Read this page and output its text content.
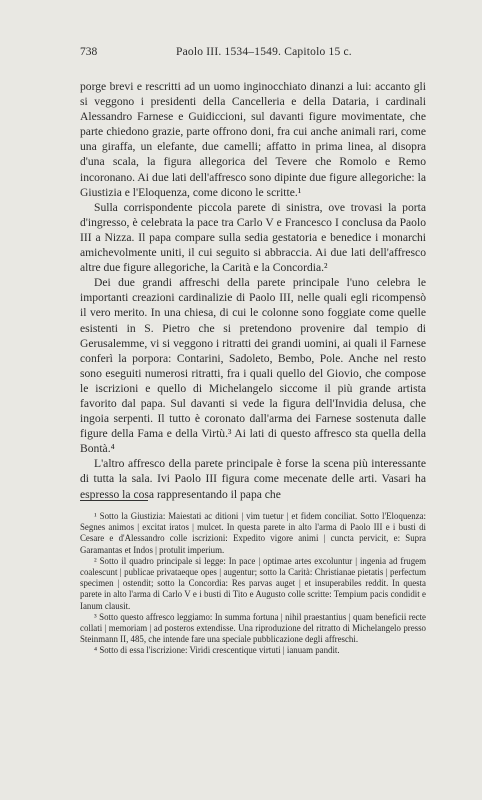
738	Paolo III. 1534–1549. Capitolo 15 c.

porge brevi e rescritti ad un uomo inginocchiato dinanzi a lui: accanto gli si veggono i presidenti della Cancelleria e della Dataria, i cardinali Alessandro Farnese e Guidiccioni, sul davanti figure movimentate, che parte chiedono grazie, parte offrono doni, fra cui anche animali rari, come una giraffa, un elefante, due camelli; affatto in prima linea, al disopra d'una scala, la figura allegorica del Tevere che Romolo e Remo incoronano. Ai due lati dell'affresco sono dipinte due figure allegoriche: la Giustizia e l'Eloquenza, come dicono le scritte.¹

Sulla corrispondente piccola parete di sinistra, ove trovasi la porta d'ingresso, è celebrata la pace tra Carlo V e Francesco I conclusa da Paolo III a Nizza. Il papa compare sulla sedia gestatoria e benedice i monarchi amichevolmente uniti, il cui seguito si abbraccia. Ai due lati dell'affresco altre due figure allegoriche, la Carità e la Concordia.²

Dei due grandi affreschi della parete principale l'uno celebra le importanti creazioni cardinalizie di Paolo III, nelle quali egli ricompensò il vero merito. In una chiesa, di cui le colonne sono foggiate come quelle esistenti in S. Pietro che si pretendono provenire dal tempio di Gerusalemme, vi si veggono i ritratti dei grandi uomini, ai quali il Farnese conferì la porpora: Contarini, Sadoleto, Bembo, Pole. Anche nel resto sono eseguiti numerosi ritratti, fra i quali quello del Giovio, che compose le iscrizioni e quello di Michelangelo siccome il più grande artista favorito dal papa. Sul davanti si vede la figura dell'Invidia delusa, che ingoia serpenti. Il tutto è coronato dall'arma dei Farnese sostenuta dalle figure della Fama e della Virtù.³ Ai lati di questo affresco sta quella della Bontà.⁴

L'altro affresco della parete principale è forse la scena più interessante di tutta la sala. Ivi Paolo III figura come mecenate delle arti. Vasari ha espresso la cosa rappresentando il papa che

¹ Sotto la Giustizia: Maiestati ac ditioni | vim tuetur | et fidem conciliat. Sotto l'Eloquenza: Segnes animos | excitat iratos | mulcet. In questa parete in alto l'arma di Paolo III e i busti di Cesare e d'Alessandro colle iscrizioni: Expedito vigore animi | cuncta pervicit, e: Supra Garamantas et Indos | protulit imperium.

² Sotto il quadro principale si legge: In pace | optimae artes excoluntur | ingenia ad frugem coalescunt | publicae privataeque opes | augentur; sotto la Carità: Christianae pietatis | perfectum specimen | ostendit; sotto la Concordia: Res parvas auget | et insuperabiles reddit. In questa parete in alto l'arma di Carlo V e i busti di Tito e Augusto colle scritte: Tempium pacis condidit e Ianum clausit.

³ Sotto questo affresco leggiamo: In summa fortuna | nihil praestantius | quam beneficii recte collati | memoriam | ad posteros extendisse. Una riproduzione del ritratto di Michelangelo presso Steinmann II, 485, che intende fare una speciale pubblicazione degli affreschi.

⁴ Sotto di essa l'iscrizione: Viridi crescentique virtuti | ianuam pandit.
